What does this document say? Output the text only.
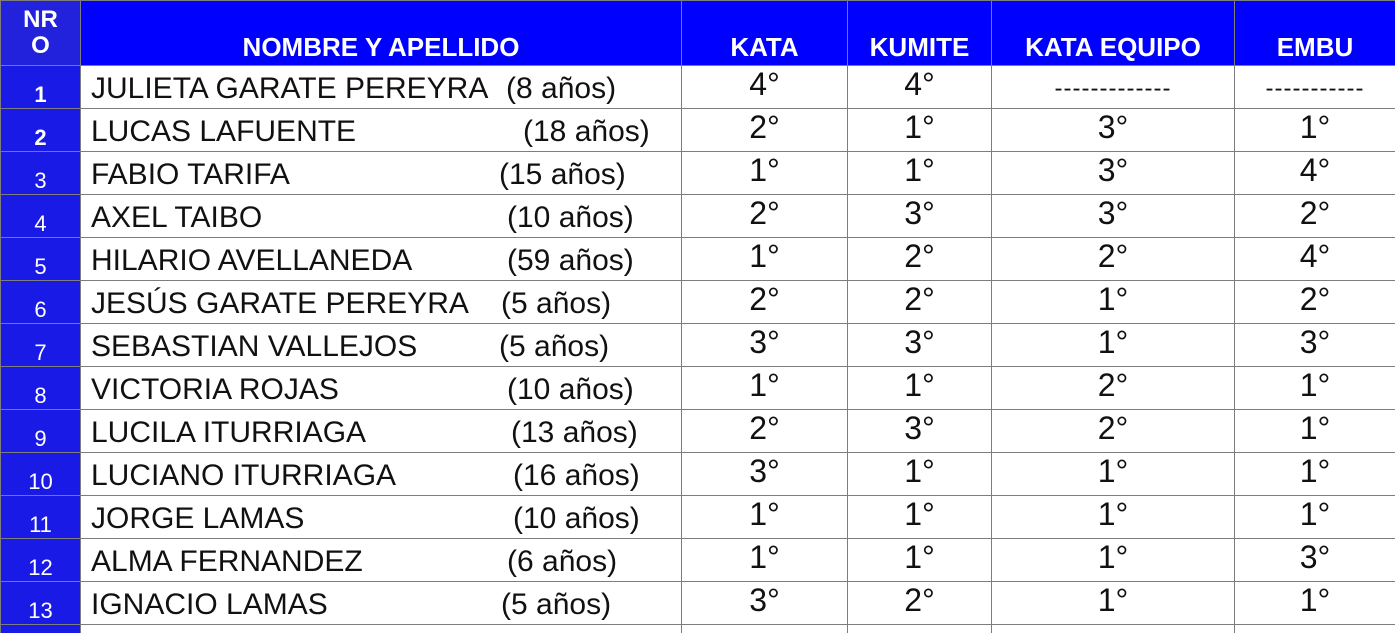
NR
O	NOMBRE Y APELLIDO	KATA	KUMITE	KATA EQUIPO	EMBU
1	JULIETA GARATE PEREYRA (8 años)	4°	4°	-------------	-----------
2	LUCAS LAFUENTE (18 años)	2°	1°	3°	1°
3	FABIO TARIFA (15 años)	1°	1°	3°	4°
4	AXEL TAIBO (10 años)	2°	3°	3°	2°
5	HILARIO AVELLANEDA (59 años)	1°	2°	2°	4°
6	JESÚS GARATE PEREYRA (5 años)	2°	2°	1°	2°
7	SEBASTIAN VALLEJOS (5 años)	3°	3°	1°	3°
8	VICTORIA ROJAS (10 años)	1°	1°	2°	1°
9	LUCILA ITURRIAGA (13 años)	2°	3°	2°	1°
10	LUCIANO ITURRIAGA (16 años)	3°	1°	1°	1°
11	JORGE LAMAS (10 años)	1°	1°	1°	1°
12	ALMA FERNANDEZ (6 años)	1°	1°	1°	3°
13	IGNACIO LAMAS (5 años)	3°	2°	1°	1°
